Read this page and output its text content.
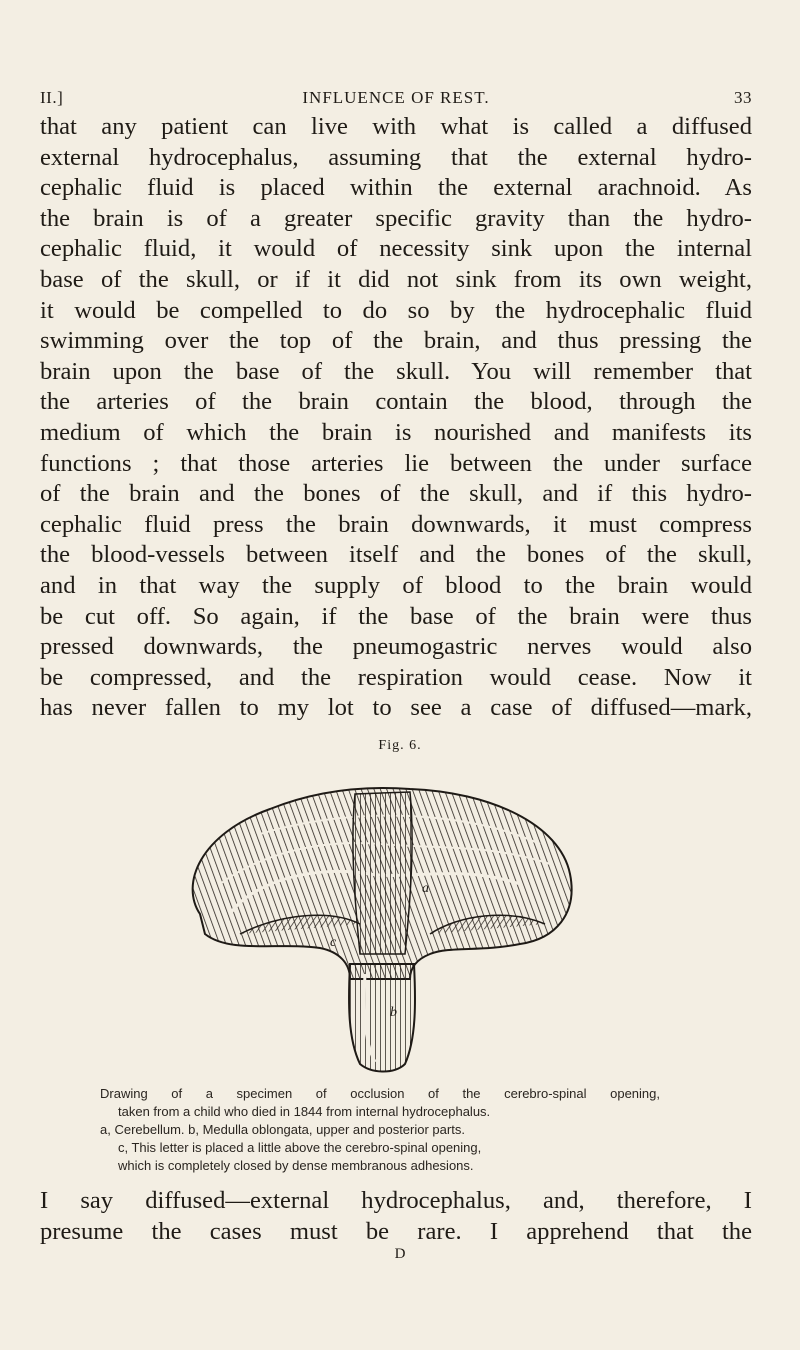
II.]	INFLUENCE OF REST.	33
that any patient can live with what is called a diffused
external hydrocephalus, assuming that the external hydro-
cephalic fluid is placed within the external arachnoid. As
the brain is of a greater specific gravity than the hydro-
cephalic fluid, it would of necessity sink upon the internal
base of the skull, or if it did not sink from its own weight,
it would be compelled to do so by the hydrocephalic fluid
swimming over the top of the brain, and thus pressing the
brain upon the base of the skull. You will remember that
the arteries of the brain contain the blood, through the
medium of which the brain is nourished and manifests its
functions ; that those arteries lie between the under surface
of the brain and the bones of the skull, and if this hydro-
cephalic fluid press the brain downwards, it must compress
the blood-vessels between itself and the bones of the skull,
and in that way the supply of blood to the brain would
be cut off. So again, if the base of the brain were thus
pressed downwards, the pneumogastric nerves would also
be compressed, and the respiration would cease. Now it
has never fallen to my lot to see a case of diffused—mark,
Fig. 6.
a
c
b
Drawing of a specimen of occlusion of the cerebro-spinal opening,
taken from a child who died in 1844 from internal hydrocephalus.
a, Cerebellum. b, Medulla oblongata, upper and posterior parts.
c, This letter is placed a little above the cerebro-spinal opening,
which is completely closed by dense membranous adhesions.
I say diffused—external hydrocephalus, and, therefore, I
presume the cases must be rare. I apprehend that the
D
